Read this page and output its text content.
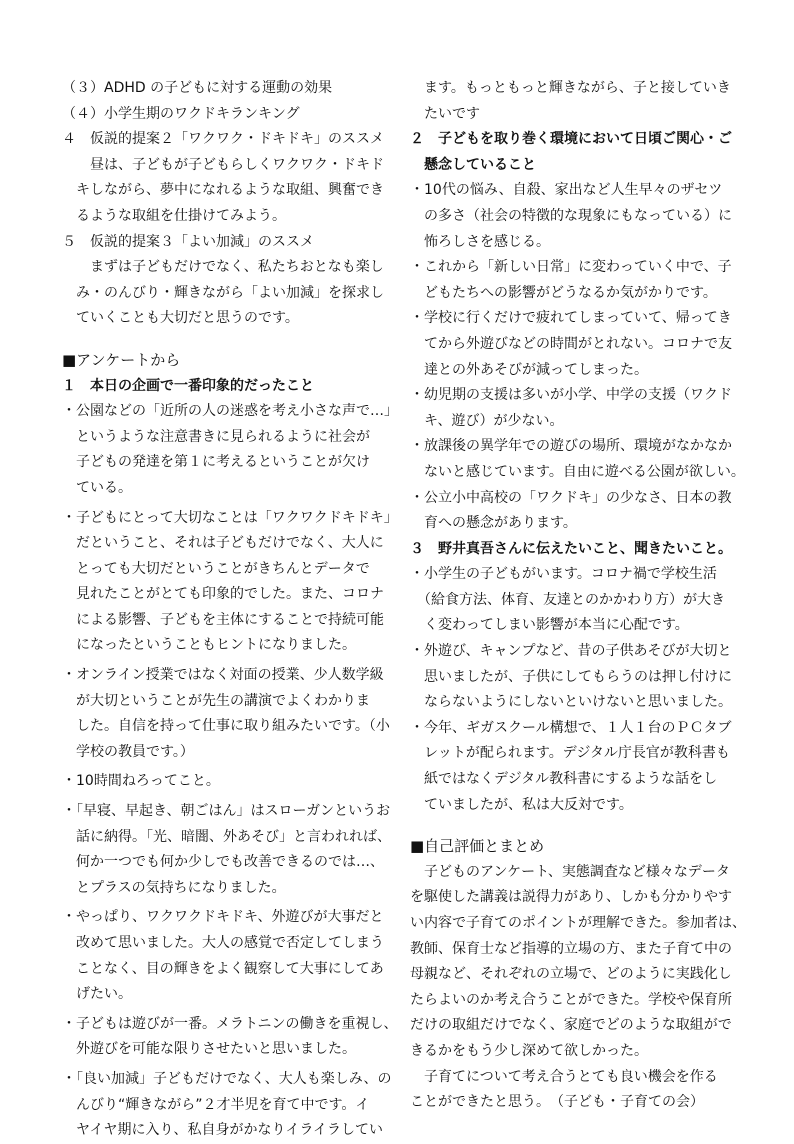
（３）ADHD の子どもに対する運動の効果
（４）小学生期のワクドキランキング
４　仮説的提案２「ワクワク・ドキドキ」のススメ
　　昼は、子どもが子どもらしくワクワク・ドキド
　キしながら、夢中になれるような取組、興奮でき
　るような取組を仕掛けてみよう。
５　仮説的提案３「よい加減」のススメ
　　まずは子どもだけでなく、私たちおとなも楽し
　み・のんびり・輝きながら「よい加減」を探求し
　ていくことも大切だと思うのです。
■アンケートから
１　本日の企画で一番印象的だったこと
・公園などの「近所の人の迷惑を考え小さな声で…」
　というような注意書きに見られるように社会が
　子どもの発達を第１に考えるということが欠け
　ている。
・子どもにとって大切なことは「ワクワクドキドキ」
　だということ、それは子どもだけでなく、大人に
　とっても大切だということがきちんとデータで
　見れたことがとても印象的でした。また、コロナ
　による影響、子どもを主体にすることで持続可能
　になったということもヒントになりました。
・オンライン授業ではなく対面の授業、少人数学級
　が大切ということが先生の講演でよくわかりま
　した。自信を持って仕事に取り組みたいです。（小
　学校の教員です。）
・10時間ねろってこと。
・「早寝、早起き、朝ごはん」はスローガンというお
　話に納得。「光、暗闇、外あそび」と言われれば、
　何か一つでも何か少しでも改善できるのでは…、
　とプラスの気持ちになりました。
・やっぱり、ワクワクドキドキ、外遊びが大事だと
　改めて思いました。大人の感覚で否定してしまう
　ことなく、目の輝きをよく観察して大事にしてあ
　げたい。
・子どもは遊びが一番。メラトニンの働きを重視し、
　外遊びを可能な限りさせたいと思いました。
・「良い加減」子どもだけでなく、大人も楽しみ、の
　んびり“輝きながら”２才半児を育て中です。イ
　ヤイヤ期に入り、私自身がかなりイライラしてい
　ます。もっともっと輝きながら、子と接していき
　たいです
２　子どもを取り巻く環境において日頃ご関心・ご
　懸念していること
・10代の悩み、自殺、家出など人生早々のザセツ
　の多さ（社会の特徴的な現象にもなっている）に
　怖ろしさを感じる。
・これから「新しい日常」に変わっていく中で、子
　どもたちへの影響がどうなるか気がかりです。
・学校に行くだけで疲れてしまっていて、帰ってき
　てから外遊びなどの時間がとれない。コロナで友
　達との外あそびが減ってしまった。
・幼児期の支援は多いが小学、中学の支援（ワクド
　キ、遊び）が少ない。
・放課後の異学年での遊びの場所、環境がなかなか
　ないと感じています。自由に遊べる公園が欲しい。
・公立小中高校の「ワクドキ」の少なさ、日本の教
　育への懸念があります。
３　野井真吾さんに伝えたいこと、聞きたいこと。
・小学生の子どもがいます。コロナ禍で学校生活
　（給食方法、体育、友達とのかかわり方）が大き
　く変わってしまい影響が本当に心配です。
・外遊び、キャンプなど、昔の子供あそびが大切と
　思いましたが、子供にしてもらうのは押し付けに
　ならないようにしないといけないと思いました。
・今年、ギガスクール構想で、１人１台のＰＣタブ
　レットが配られます。デジタル庁長官が教科書も
　紙ではなくデジタル教科書にするような話をし
　ていましたが、私は大反対です。
■自己評価とまとめ
　子どものアンケート、実態調査など様々なデータ
を駆使した講義は説得力があり、しかも分かりやす
い内容で子育てのポイントが理解できた。参加者は、
教師、保育士など指導的立場の方、また子育て中の
母親など、それぞれの立場で、どのように実践化し
たらよいのか考え合うことができた。学校や保育所
だけの取組だけでなく、家庭でどのような取組がで
きるかをもう少し深めて欲しかった。
　子育てについて考え合うとても良い機会を作る
ことができたと思う。　（子ども・子育ての会）
